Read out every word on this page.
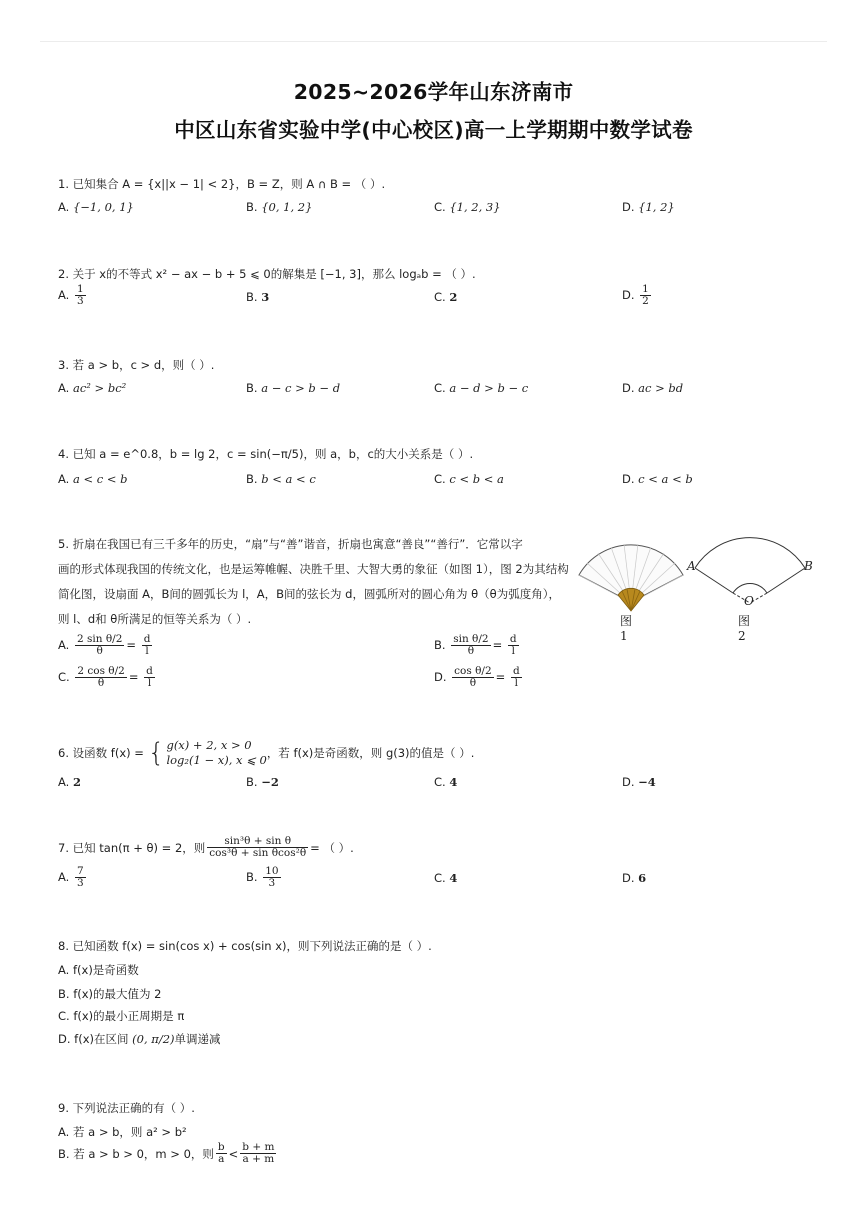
2025~2026学年山东济南市
中区山东省实验中学(中心校区)高一上学期期中数学试卷
1. 已知集合 A = {x||x − 1| < 2}，B = Z，则 A ∩ B = （ ）.
A. {−1, 0, 1}	B. {0, 1, 2}	C. {1, 2, 3}	D. {1, 2}
2. 关于 x的不等式 x² − ax − b + 5 ⩽ 0的解集是 [−1, 3]，那么 logₐb = （ ）.
A. $\frac{1}{3}$	B. 3	C. 2	D. $\frac{1}{2}$
3. 若 a > b，c > d，则（ ）.
A. ac² > bc²	B. a − c > b − d	C. a − d > b − c	D. ac > bd
4. 已知 a = e^0.8，b = lg 2，c = sin(−π/5)，则 a，b，c的大小关系是（ ）.
A. a < c < b	B. b < a < c	C. c < b < a	D. c < a < b
5. 折扇在我国已有三千多年的历史，“扇”与“善”谐音，折扇也寓意“善良”“善行”．它常以字
画的形式体现我国的传统文化，也是运筹帷幄、决胜千里、大智大勇的象征（如图 1），图 2为其结构
简化图，设扇面 A，B间的圆弧长为 l，A，B间的弦长为 d，圆弧所对的圆心角为 θ（θ为弧度角），
则 l、d和 θ所满足的恒等关系为（ ）.
A	B
O
图1
图2
A. $\frac{\text{2 sin θ/2}}{\theta} = \frac{d}{l}$	B. $\frac{\text{sin θ/2}}{\theta} = \frac{d}{l}$
C. $\frac{\text{2 cos θ/2}}{\theta} = \frac{d}{l}$	D. $\frac{\text{cos θ/2}}{\theta} = \frac{d}{l}$
6. 设函数 f(x) = { g(x) + 2, x > 0
log₂(1 − x), x ⩽ 0 ，若 f(x)是奇函数，则 g(3)的值是（ ）.
A. 2	B. −2	C. 4	D. −4
7. 已知 tan(π + θ) = 2，则 $\frac{\text{sin³θ + sin θ}}{\text{cos³θ + sin θcos²θ}}$ = （ ）.
A. $\frac{7}{3}$	B. $\frac{10}{3}$	C. 4	D. 6
8. 已知函数 f(x) = sin(cos x) + cos(sin x)，则下列说法正确的是（ ）.
A. f(x)是奇函数
B. f(x)的最大值为 2
C. f(x)的最小正周期是 π
D. f(x)在区间 (0, π/2)单调递减
9. 下列说法正确的有（ ）.
A. 若 a > b，则 a² > b²
B.
若 a > b > 0，m > 0，则 $\frac{b}{a} < \frac{b + m}{a + m}$
